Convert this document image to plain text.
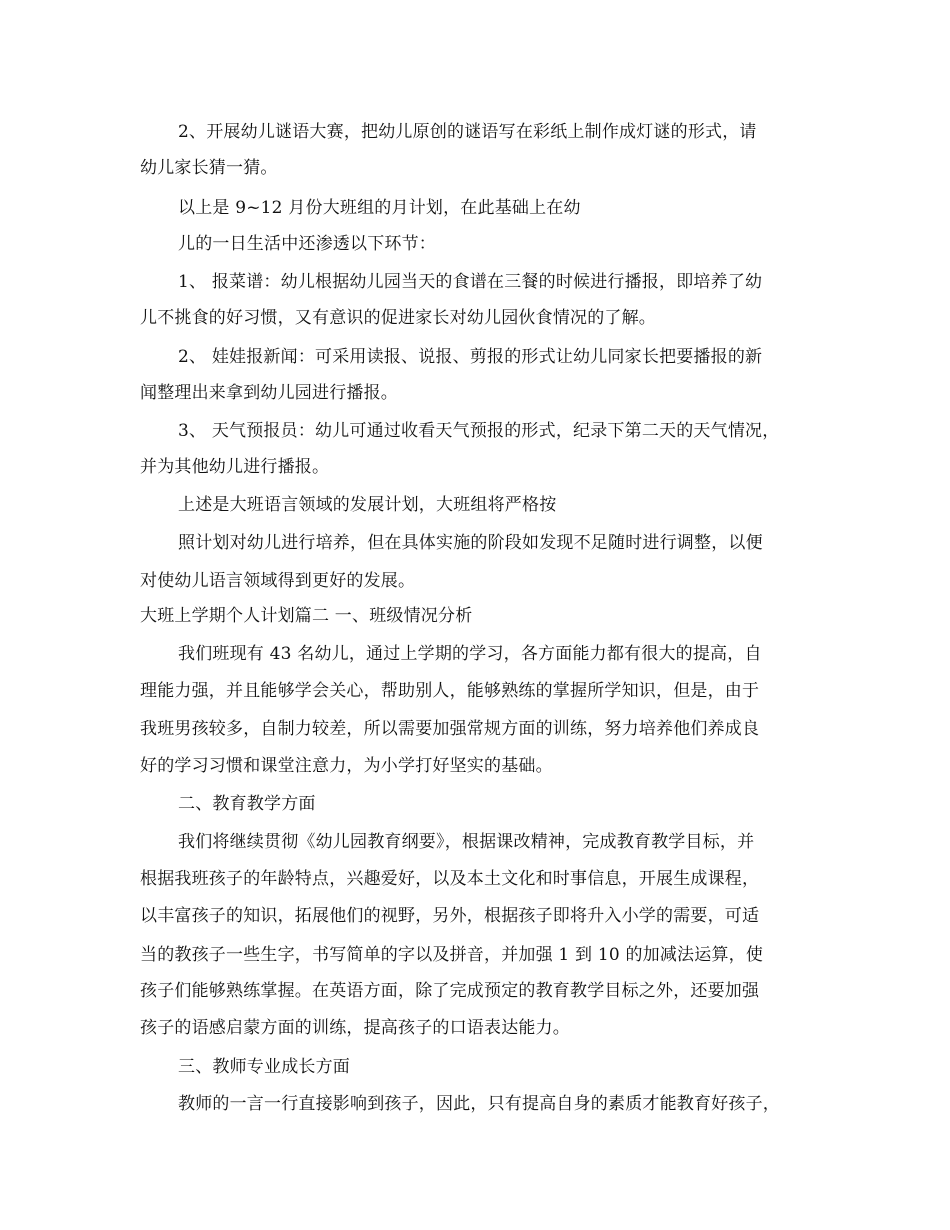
2、开展幼儿谜语大赛，把幼儿原创的谜语写在彩纸上制作成灯谜的形式，请
幼儿家长猜一猜。
以上是 9~12 月份大班组的月计划，在此基础上在幼
儿的一日生活中还渗透以下环节：
1、 报菜谱：幼儿根据幼儿园当天的食谱在三餐的时候进行播报，即培养了幼
儿不挑食的好习惯，又有意识的促进家长对幼儿园伙食情况的了解。
2、 娃娃报新闻：可采用读报、说报、剪报的形式让幼儿同家长把要播报的新
闻整理出来拿到幼儿园进行播报。
3、 天气预报员：幼儿可通过收看天气预报的形式，纪录下第二天的天气情况，
并为其他幼儿进行播报。
上述是大班语言领域的发展计划，大班组将严格按
照计划对幼儿进行培养，但在具体实施的阶段如发现不足随时进行调整，以便
对使幼儿语言领域得到更好的发展。
大班上学期个人计划篇二 一、班级情况分析
我们班现有 43 名幼儿，通过上学期的学习，各方面能力都有很大的提高，自
理能力强，并且能够学会关心，帮助别人，能够熟练的掌握所学知识，但是，由于
我班男孩较多，自制力较差，所以需要加强常规方面的训练，努力培养他们养成良
好的学习习惯和课堂注意力，为小学打好坚实的基础。
二、教育教学方面
我们将继续贯彻《幼儿园教育纲要》，根据课改精神，完成教育教学目标，并
根据我班孩子的年龄特点，兴趣爱好，以及本土文化和时事信息，开展生成课程，
以丰富孩子的知识，拓展他们的视野，另外，根据孩子即将升入小学的需要，可适
当的教孩子一些生字，书写简单的字以及拼音，并加强 1 到 10 的加减法运算，使
孩子们能够熟练掌握。在英语方面，除了完成预定的教育教学目标之外，还要加强
孩子的语感启蒙方面的训练，提高孩子的口语表达能力。
三、教师专业成长方面
教师的一言一行直接影响到孩子，因此，只有提高自身的素质才能教育好孩子，
